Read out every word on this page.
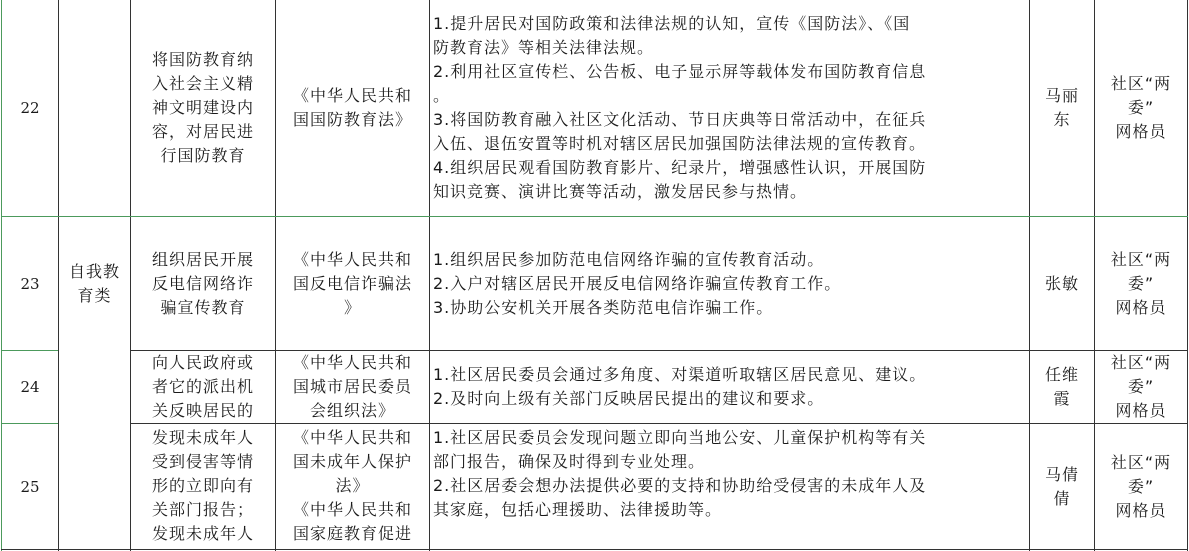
22
将国防教育纳
入社会主义精
神文明建设内
容，对居民进
行国防教育
《中华人民共和
国国防教育法》
1.提升居民对国防政策和法律法规的认知，宣传《国防法》、《国
防教育法》等相关法律法规。
2.利用社区宣传栏、公告板、电子显示屏等载体发布国防教育信息
。
3.将国防教育融入社区文化活动、节日庆典等日常活动中，在征兵
入伍、退伍安置等时机对辖区居民加强国防法律法规的宣传教育。
4.组织居民观看国防教育影片、纪录片，增强感性认识，开展国防
知识竞赛、演讲比赛等活动，激发居民参与热情。
马丽
东
社区“两
委”
网格员
23
自我教
育类
组织居民开展
反电信网络诈
骗宣传教育
《中华人民共和
国反电信诈骗法
》
1.组织居民参加防范电信网络诈骗的宣传教育活动。
2.入户对辖区居民开展反电信网络诈骗宣传教育工作。
3.协助公安机关开展各类防范电信诈骗工作。
张敏
社区“两
委”
网格员
24
向人民政府或
者它的派出机
关反映居民的
《中华人民共和
国城市居民委员
会组织法》
1.社区居民委员会通过多角度、对渠道听取辖区居民意见、建议。
2.及时向上级有关部门反映居民提出的建议和要求。
任维
霞
社区“两
委”
网格员
25
发现未成年人
受到侵害等情
形的立即向有
关部门报告；
发现未成年人
《中华人民共和
国未成年人保护
法》
《中华人民共和
国家庭教育促进
1.社区居民委员会发现问题立即向当地公安、儿童保护机构等有关
部门报告，确保及时得到专业处理。
2.社区居委会想办法提供必要的支持和协助给受侵害的未成年人及
其家庭，包括心理援助、法律援助等。
马倩
倩
社区“两
委”
网格员
